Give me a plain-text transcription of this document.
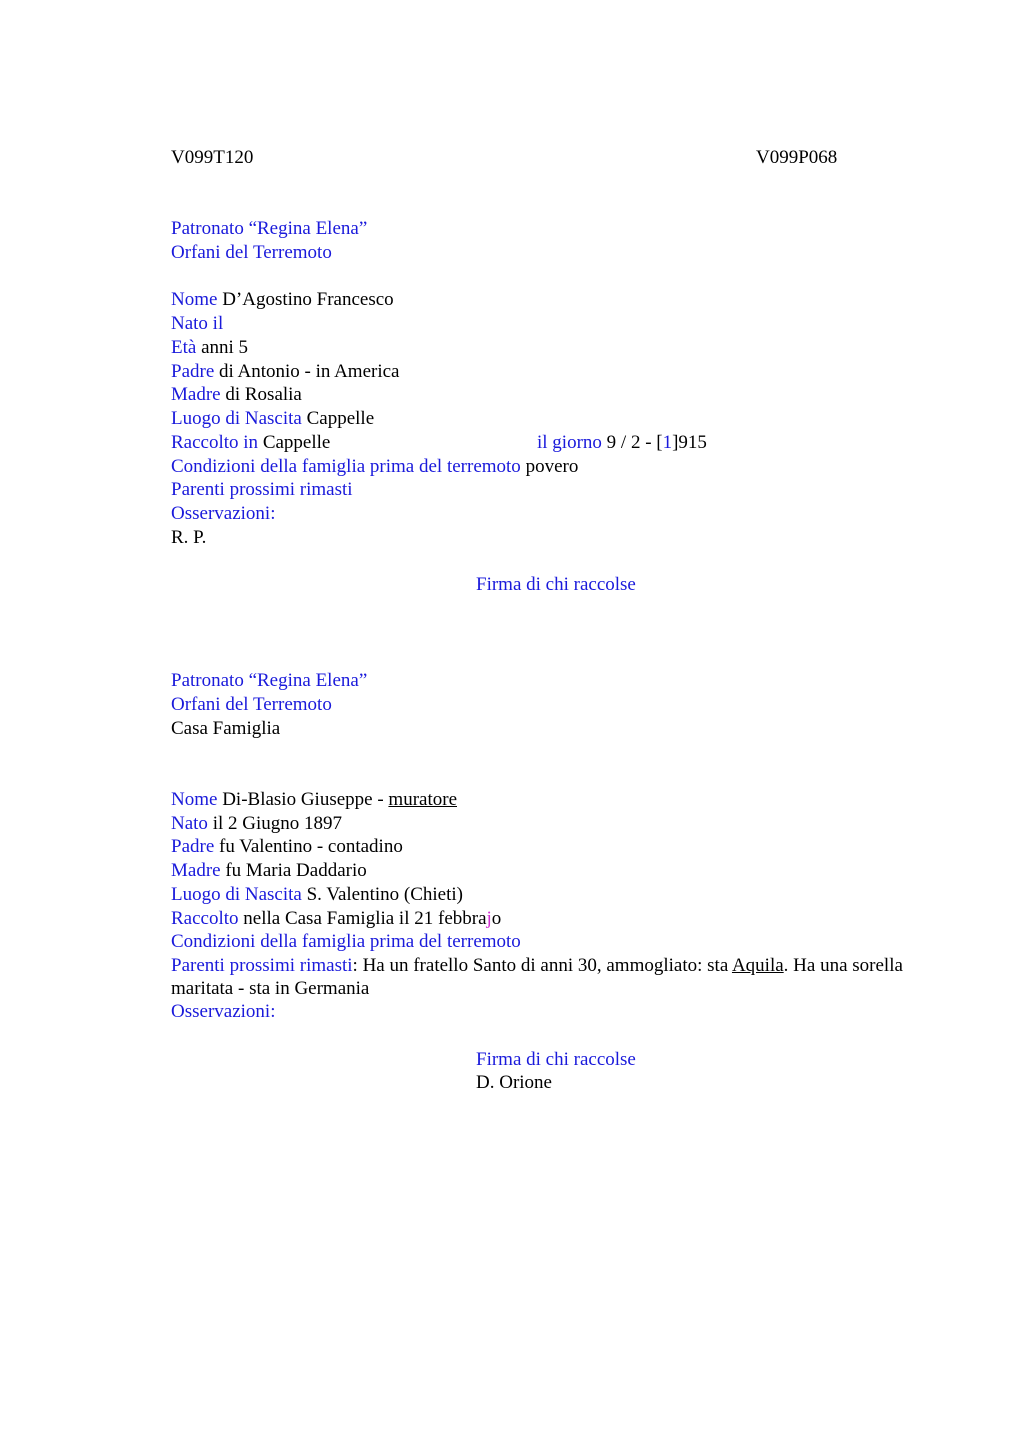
V099T120	V099P068
Patronato “Regina Elena”
Orfani del Terremoto
Nome D’Agostino Francesco
Nato il
Età anni 5
Padre di Antonio - in America
Madre di Rosalia
Luogo di Nascita Cappelle
Raccolto in Cappelle	il giorno 9 / 2 - [1]915
Condizioni della famiglia prima del terremoto povero
Parenti prossimi rimasti
Osservazioni:
R. P.
Firma di chi raccolse
Patronato “Regina Elena”
Orfani del Terremoto
Casa Famiglia
Nome Di-Blasio Giuseppe - muratore
Nato il 2 Giugno 1897
Padre fu Valentino - contadino
Madre fu Maria Daddario
Luogo di Nascita S. Valentino (Chieti)
Raccolto nella Casa Famiglia il 21 febbrajo
Condizioni della famiglia prima del terremoto
Parenti prossimi rimasti: Ha un fratello Santo di anni 30, ammogliato: sta Aquila. Ha una sorella maritata - sta in Germania
Osservazioni:
Firma di chi raccolse
D. Orione
